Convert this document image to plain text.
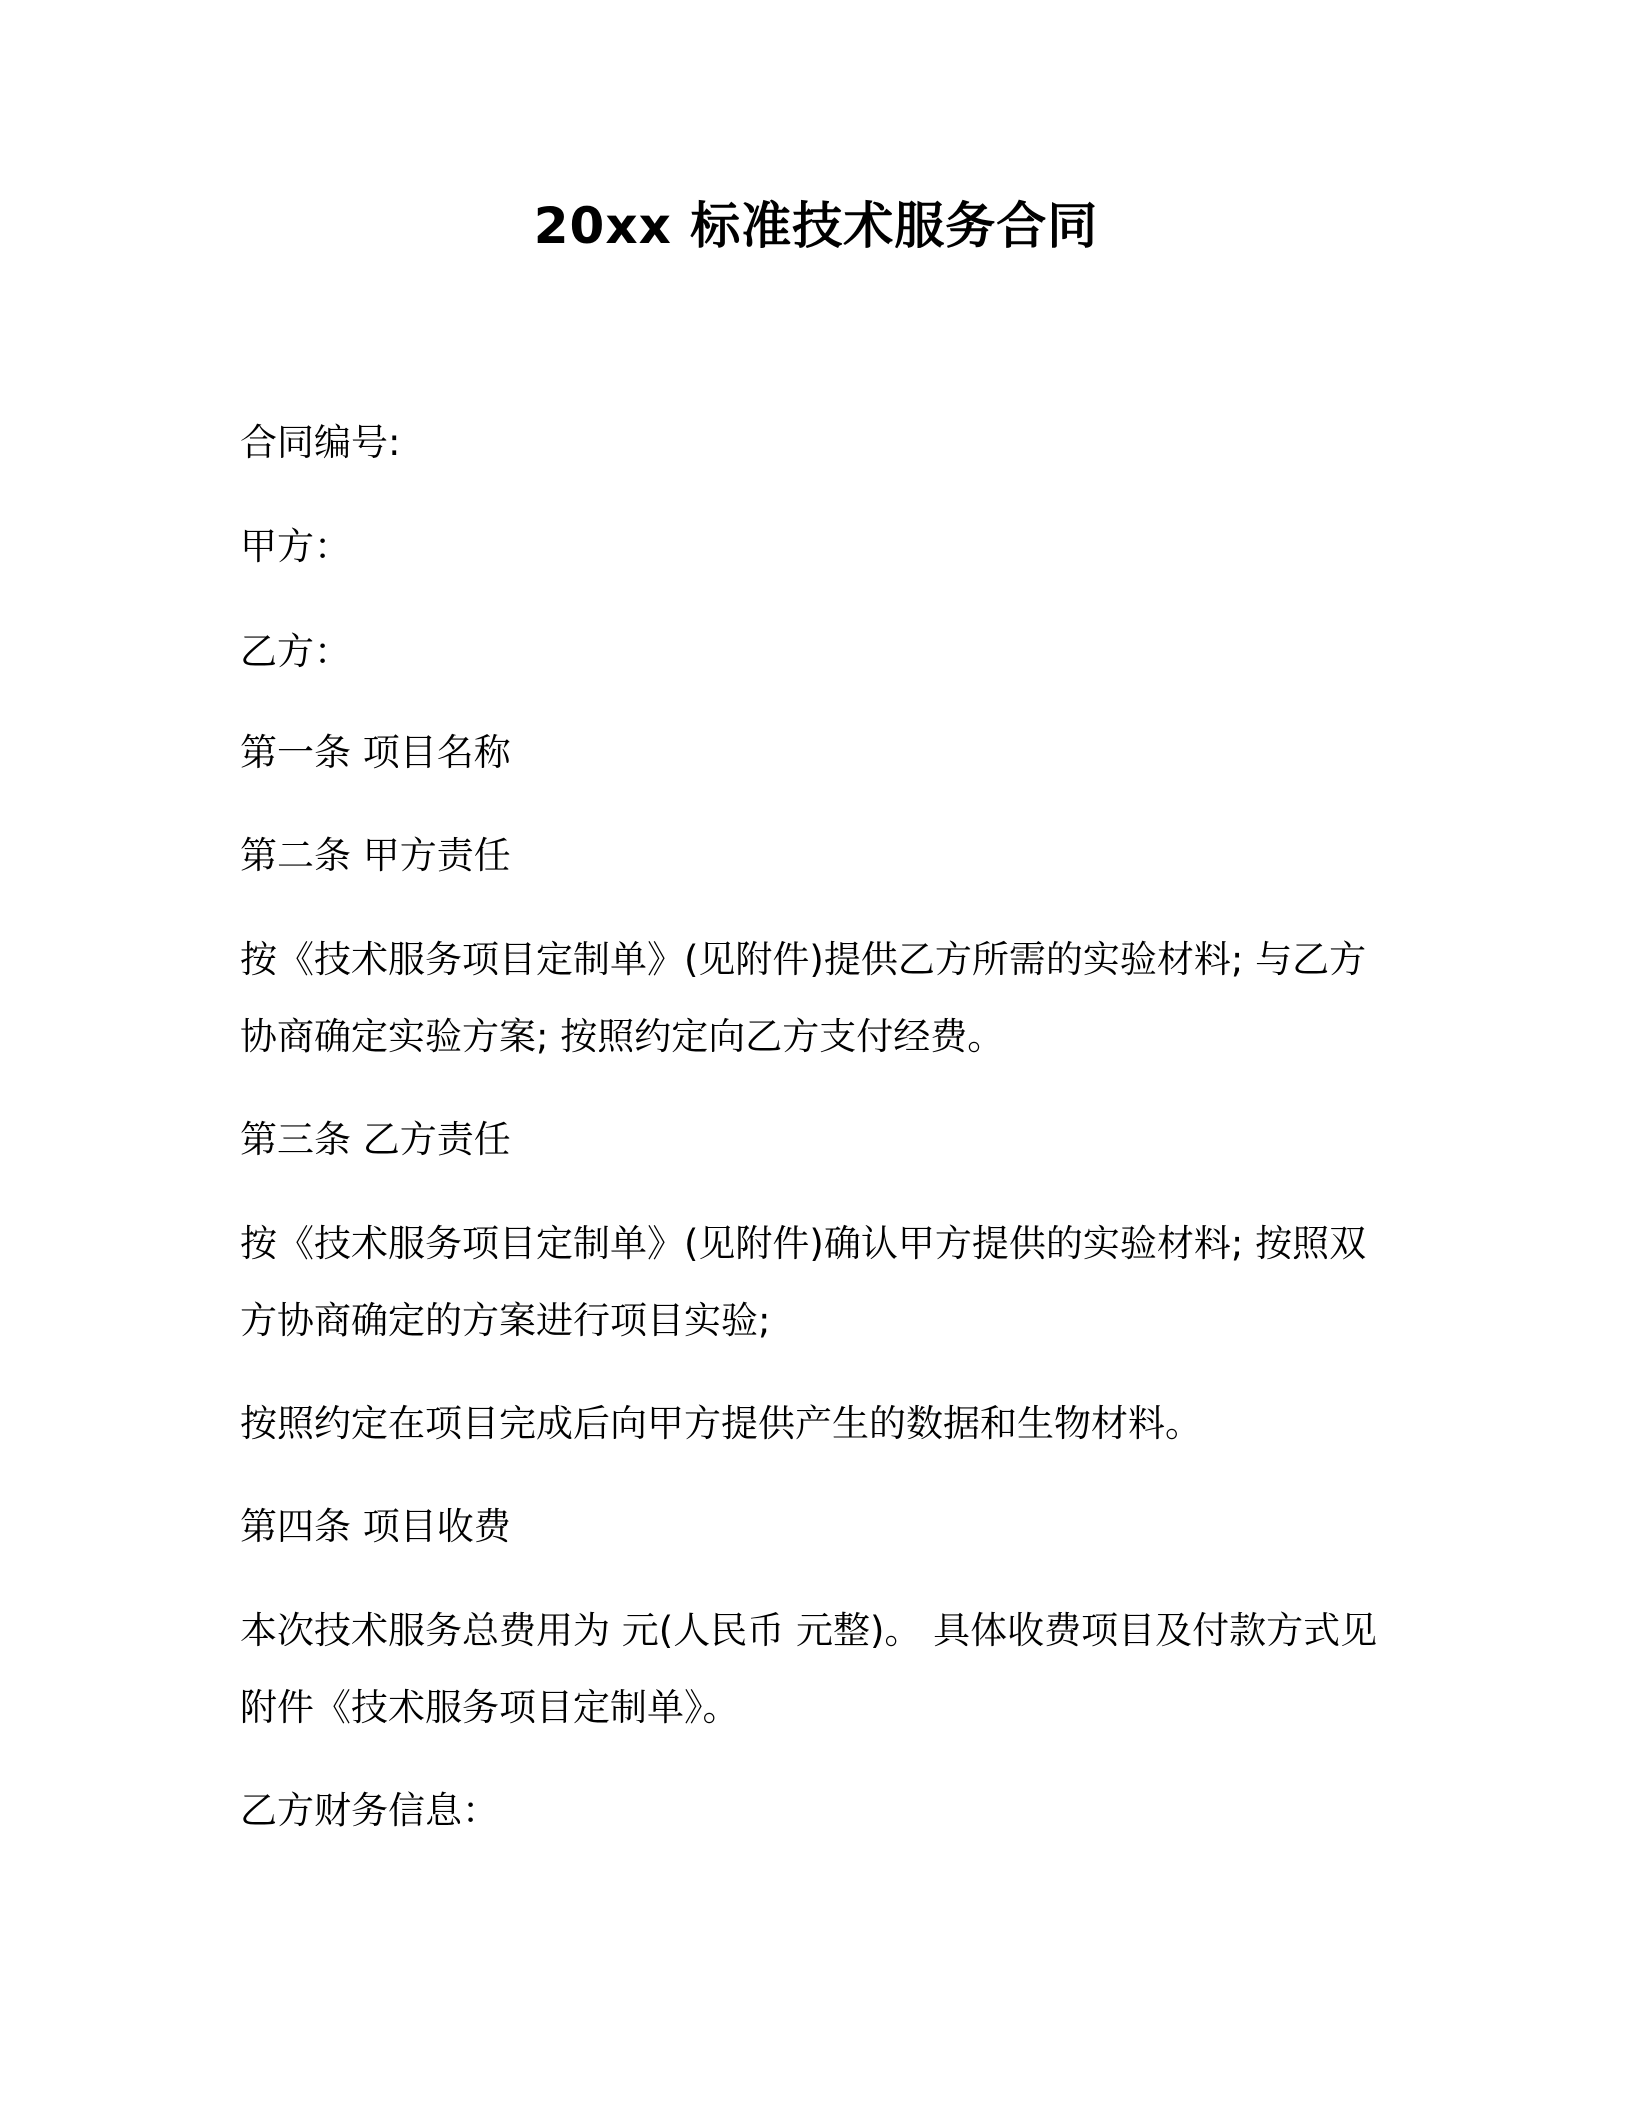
20xx 标准技术服务合同

合同编号:

甲方：

乙方：

第一条 项目名称

第二条 甲方责任

按《技术服务项目定制单》(见附件)提供乙方所需的实验材料; 与乙方

协商确定实验方案; 按照约定向乙方支付经费。

第三条 乙方责任

按《技术服务项目定制单》(见附件)确认甲方提供的实验材料; 按照双

方协商确定的方案进行项目实验;

按照约定在项目完成后向甲方提供产生的数据和生物材料。

第四条 项目收费

本次技术服务总费用为 元(人民币 元整)。 具体收费项目及付款方式见

附件《技术服务项目定制单》。

乙方财务信息：
